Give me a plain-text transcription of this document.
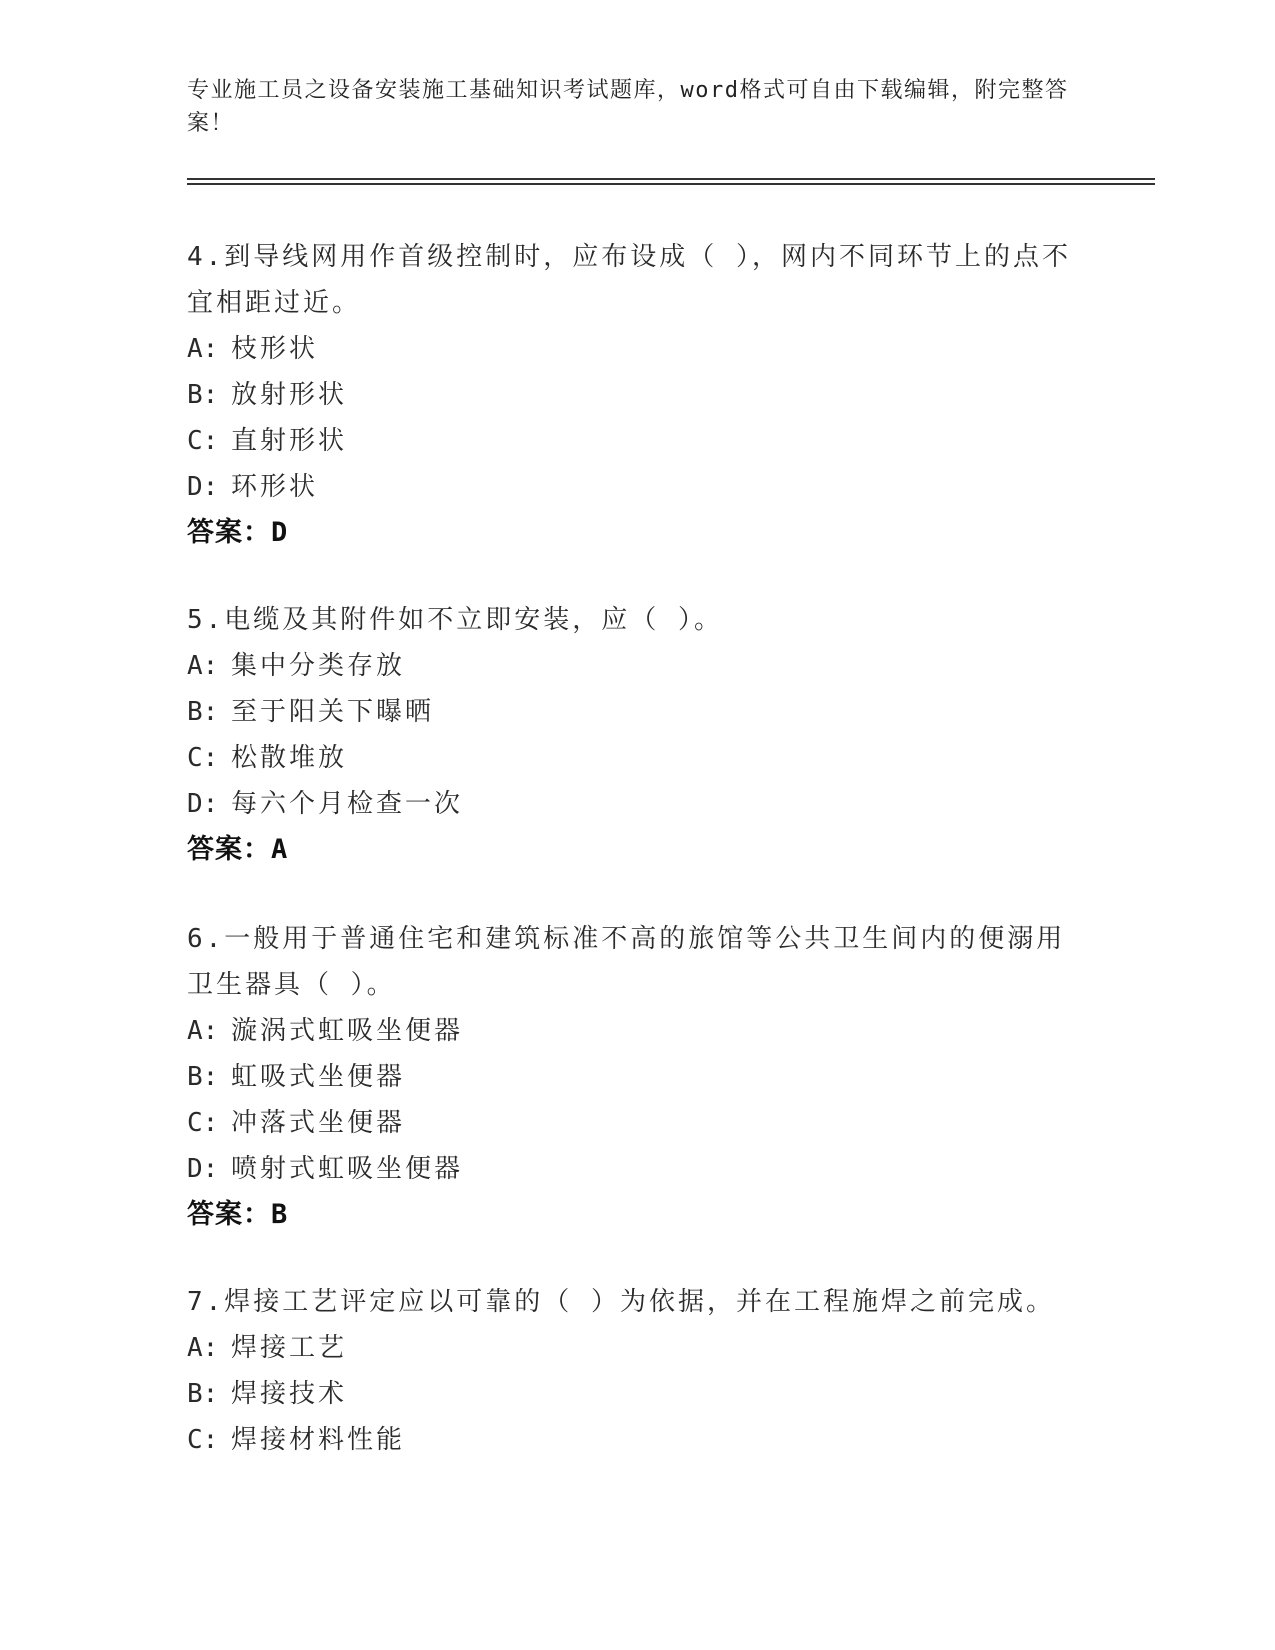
专业施工员之设备安装施工基础知识考试题库，word格式可自由下载编辑，附完整答案！
4.到导线网用作首级控制时，应布设成（ ），网内不同环节上的点不宜相距过近。
A: 枝形状
B: 放射形状
C: 直射形状
D: 环形状
答案：D
5.电缆及其附件如不立即安装，应（ ）。
A: 集中分类存放
B: 至于阳关下曝晒
C: 松散堆放
D: 每六个月检查一次
答案：A
6.一般用于普通住宅和建筑标准不高的旅馆等公共卫生间内的便溺用卫生器具（ ）。
A: 漩涡式虹吸坐便器
B: 虹吸式坐便器
C: 冲落式坐便器
D: 喷射式虹吸坐便器
答案：B
7.焊接工艺评定应以可靠的（ ）为依据，并在工程施焊之前完成。
A: 焊接工艺
B: 焊接技术
C: 焊接材料性能
